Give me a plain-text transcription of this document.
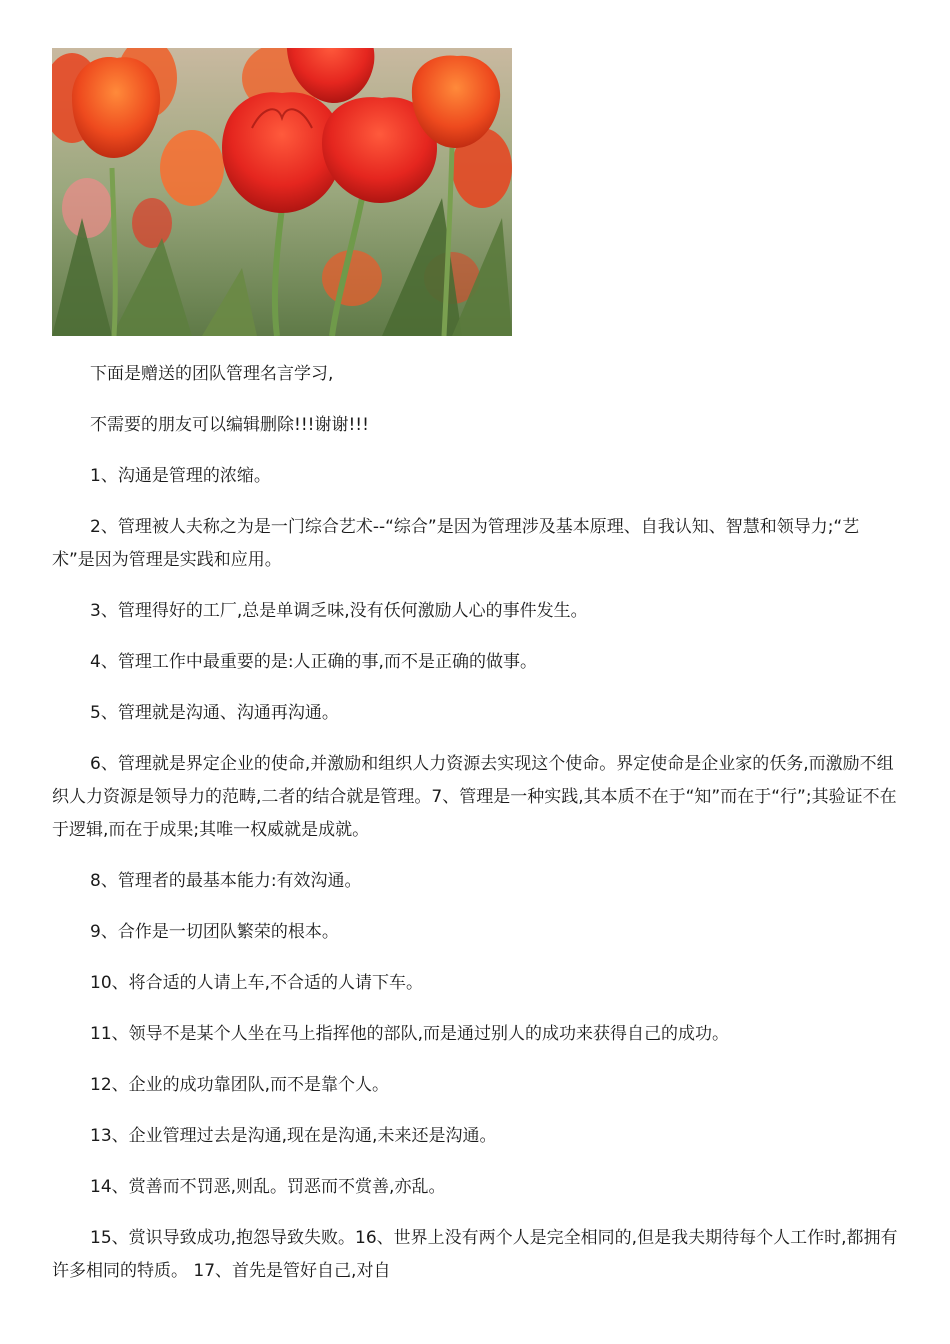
下面是赠送的团队管理名言学习,

不需要的朋友可以编辑删除!!!谢谢!!!

1、沟通是管理的浓缩。

2、管理被人夫称之为是一门综合艺术--“综合”是因为管理涉及基本原理、自我认知、智慧和领导力;“艺术”是因为管理是实践和应用。

3、管理得好的工厂,总是单调乏味,没有仸何激励人心的事件发生。

4、管理工作中最重要的是:人正确的事,而不是正确的做事。

5、管理就是沟通、沟通再沟通。

6、管理就是界定企业的使命,并激励和组织人力资源去实现这个使命。界定使命是企业家的仸务,而激励不组织人力资源是领导力的范畴,二者的结合就是管理。7、管理是一种实践,其本质不在于“知”而在于“行”;其验证不在于逻辑,而在于成果;其唯一权威就是成就。

8、管理者的最基本能力:有效沟通。

9、合作是一切团队繁荣的根本。

10、将合适的人请上车,不合适的人请下车。

11、领导不是某个人坐在马上指挥他的部队,而是通过别人的成功来获得自己的成功。

12、企业的成功靠团队,而不是靠个人。

13、企业管理过去是沟通,现在是沟通,未来还是沟通。

14、赏善而不罚恶,则乱。罚恶而不赏善,亦乱。

15、赏识导致成功,抱怨导致失败。16、世界上没有两个人是完全相同的,但是我夫期待每个人工作时,都拥有许多相同的特质。 17、首先是管好自己,对自
